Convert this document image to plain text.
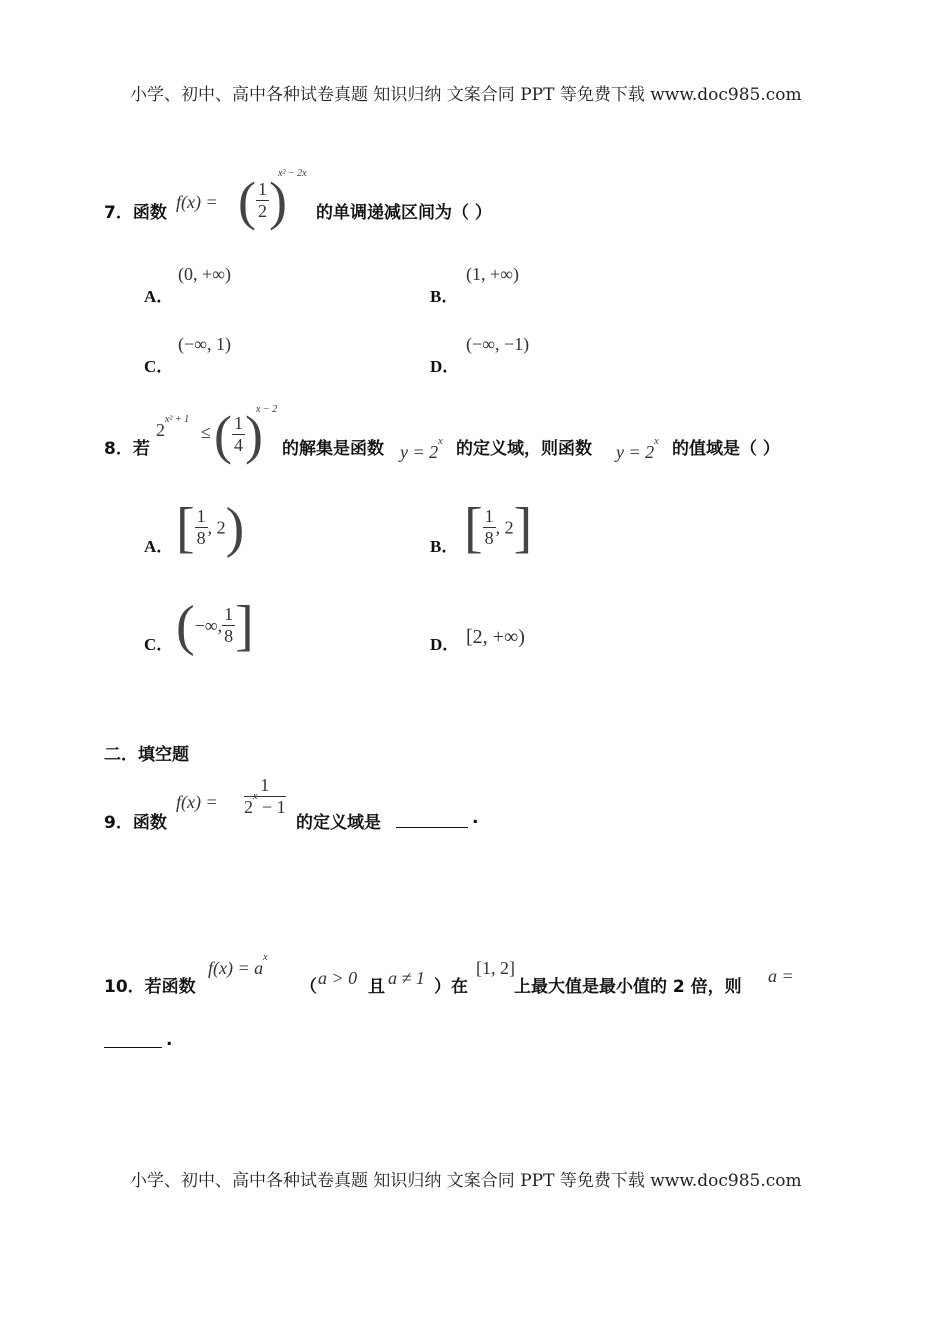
小学、初中、高中各种试卷真题 知识归纳 文案合同 PPT 等免费下载 www.doc985.com
7．函数
f(x) = ( $\frac{1}{2}$ )
x² − 2x
的单调递减区间为（ ）
A．
(0, +∞)
B．
(1, +∞)
C．
(−∞, 1)
D．
(−∞, −1)
8．若
$2^{x^2 + 1}$
≤ ( $\frac{1}{4}$ )
x − 2
的解集是函数 $y = 2^x$ 的定义域，则函数 $y = 2^x$ 的值域是（ ）
A． [ $\frac{1}{8}$ , 2)	B． [ $\frac{1}{8}$ , 2]
C． (−∞, $\frac{1}{8}$ ]	D． [2, +∞)
二．填空题
9．函数
$f(x) = \frac{1}{2^x - 1}$
的定义域是	.
10．若函数
$f(x) = a^x$
（ a > 0 且 a ≠ 1 ）在
[1, 2]
上最大值是最小值的 2 倍，则
a =
.
小学、初中、高中各种试卷真题 知识归纳 文案合同 PPT 等免费下载 www.doc985.com
